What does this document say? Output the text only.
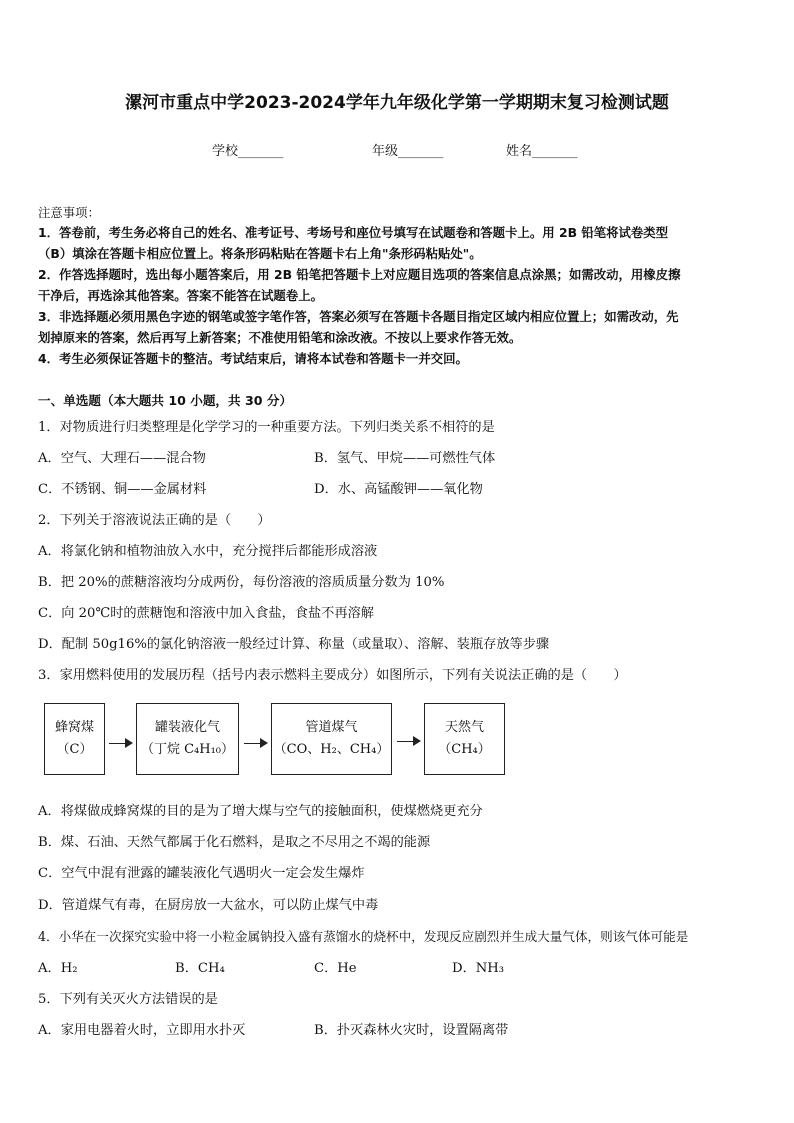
漯河市重点中学2023-2024学年九年级化学第一学期期末复习检测试题
学校_______	年级_______	姓名_______
注意事项：
1．答卷前，考生务必将自己的姓名、准考证号、考场号和座位号填写在试题卷和答题卡上。用 2B 铅笔将试卷类型
（B）填涂在答题卡相应位置上。将条形码粘贴在答题卡右上角"条形码粘贴处"。
2．作答选择题时，选出每小题答案后，用 2B 铅笔把答题卡上对应题目选项的答案信息点涂黑；如需改动，用橡皮擦
干净后，再选涂其他答案。答案不能答在试题卷上。
3．非选择题必须用黑色字迹的钢笔或签字笔作答，答案必须写在答题卡各题目指定区域内相应位置上；如需改动，先
划掉原来的答案，然后再写上新答案；不准使用铅笔和涂改液。不按以上要求作答无效。
4．考生必须保证答题卡的整洁。考试结束后，请将本试卷和答题卡一并交回。
一、单选题（本大题共 10 小题，共 30 分）
1．对物质进行归类整理是化学学习的一种重要方法。下列归类关系不相符的是
A．空气、大理石——混合物	B．氢气、甲烷——可燃性气体
C．不锈钢、铜——金属材料	D．水、高锰酸钾——氧化物
2．下列关于溶液说法正确的是（　　）
A．将氯化钠和植物油放入水中，充分搅拌后都能形成溶液
B．把 20%的蔗糖溶液均分成两份，每份溶液的溶质质量分数为 10%
C．向 20℃时的蔗糖饱和溶液中加入食盐，食盐不再溶解
D．配制 50g16%的氯化钠溶液一般经过计算、称量（或量取）、溶解、装瓶存放等步骤
3．家用燃料使用的发展历程（括号内表示燃料主要成分）如图所示，下列有关说法正确的是（　　）
蜂窝煤
（C）
罐装液化气
（丁烷 C₄H₁₀）
管道煤气
（CO、H₂、CH₄）
天然气
（CH₄）
A．将煤做成蜂窝煤的目的是为了增大煤与空气的接触面积，使煤燃烧更充分
B．煤、石油、天然气都属于化石燃料，是取之不尽用之不竭的能源
C．空气中混有泄露的罐装液化气遇明火一定会发生爆炸
D．管道煤气有毒，在厨房放一大盆水，可以防止煤气中毒
4．小华在一次探究实验中将一小粒金属钠投入盛有蒸馏水的烧杯中，发现反应剧烈并生成大量气体，则该气体可能是
A．H₂	B．CH₄	C．He	D．NH₃
5．下列有关灭火方法错误的是
A．家用电器着火时，立即用水扑灭	B．扑灭森林火灾时，设置隔离带
